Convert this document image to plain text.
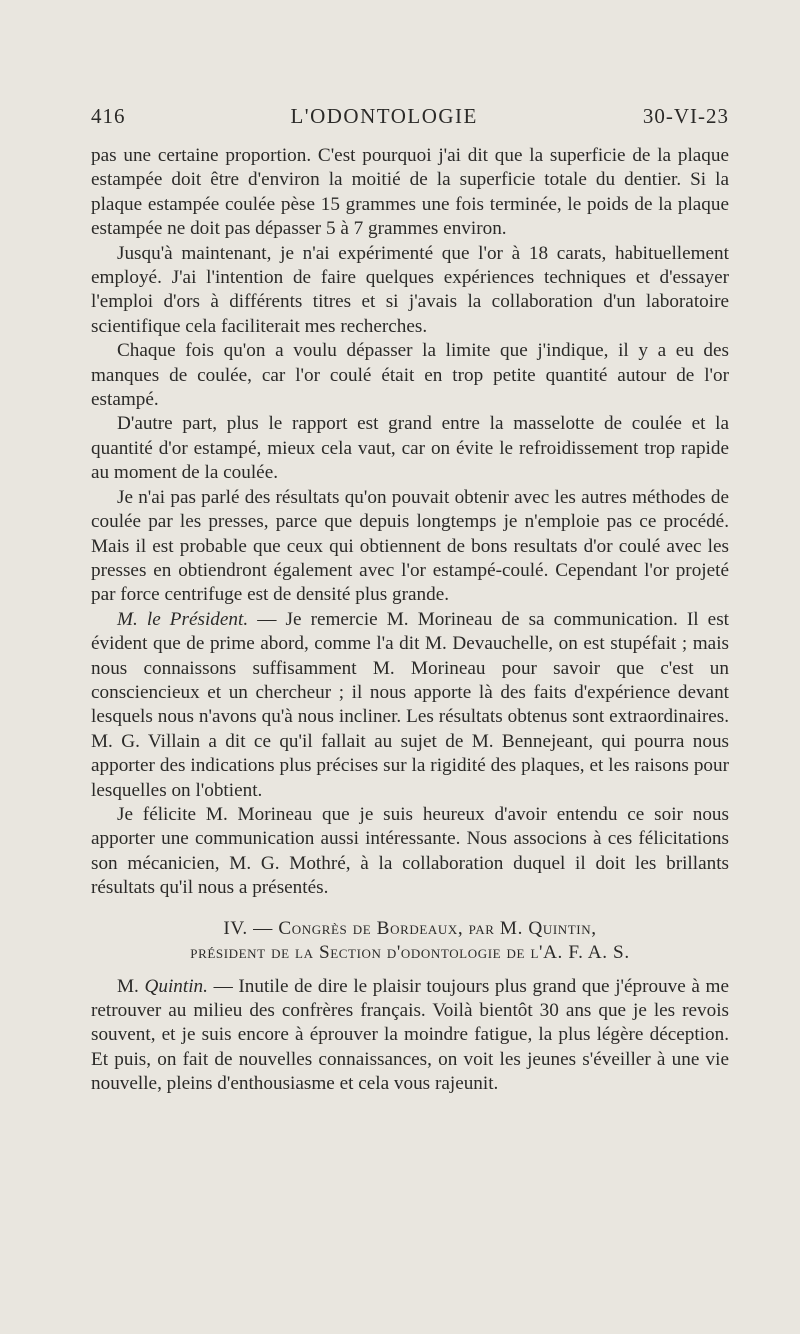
416	L'ODONTOLOGIE	30-VI-23

pas une certaine proportion. C'est pourquoi j'ai dit que la superficie de la plaque estampée doit être d'environ la moitié de la superficie totale du dentier. Si la plaque estampée coulée pèse 15 grammes une fois terminée, le poids de la plaque estampée ne doit pas dépasser 5 à 7 grammes environ.

Jusqu'à maintenant, je n'ai expérimenté que l'or à 18 carats, habituellement employé. J'ai l'intention de faire quelques expériences techniques et d'essayer l'emploi d'ors à différents titres et si j'avais la collaboration d'un laboratoire scientifique cela faciliterait mes recherches.

Chaque fois qu'on a voulu dépasser la limite que j'indique, il y a eu des manques de coulée, car l'or coulé était en trop petite quantité autour de l'or estampé.

D'autre part, plus le rapport est grand entre la masselotte de coulée et la quantité d'or estampé, mieux cela vaut, car on évite le refroidissement trop rapide au moment de la coulée.

Je n'ai pas parlé des résultats qu'on pouvait obtenir avec les autres méthodes de coulée par les presses, parce que depuis longtemps je n'emploie pas ce procédé. Mais il est probable que ceux qui obtiennent de bons resultats d'or coulé avec les presses en obtiendront également avec l'or estampé-coulé. Cependant l'or projeté par force centrifuge est de densité plus grande.

M. le Président. — Je remercie M. Morineau de sa communication. Il est évident que de prime abord, comme l'a dit M. Devauchelle, on est stupéfait ; mais nous connaissons suffisamment M. Morineau pour savoir que c'est un consciencieux et un chercheur ; il nous apporte là des faits d'expérience devant lesquels nous n'avons qu'à nous incliner. Les résultats obtenus sont extraordinaires. M. G. Villain a dit ce qu'il fallait au sujet de M. Bennejeant, qui pourra nous apporter des indications plus précises sur la rigidité des plaques, et les raisons pour lesquelles on l'obtient.

Je félicite M. Morineau que je suis heureux d'avoir entendu ce soir nous apporter une communication aussi intéressante. Nous associons à ces félicitations son mécanicien, M. G. Mothré, à la collaboration duquel il doit les brillants résultats qu'il nous a présentés.

IV. — Congrès de Bordeaux, par M. Quintin,
président de la Section d'odontologie de l'A. F. A. S.

M. Quintin. — Inutile de dire le plaisir toujours plus grand que j'éprouve à me retrouver au milieu des confrères français. Voilà bientôt 30 ans que je les revois souvent, et je suis encore à éprouver la moindre fatigue, la plus légère déception. Et puis, on fait de nouvelles connaissances, on voit les jeunes s'éveiller à une vie nouvelle, pleins d'enthousiasme et cela vous rajeunit.
